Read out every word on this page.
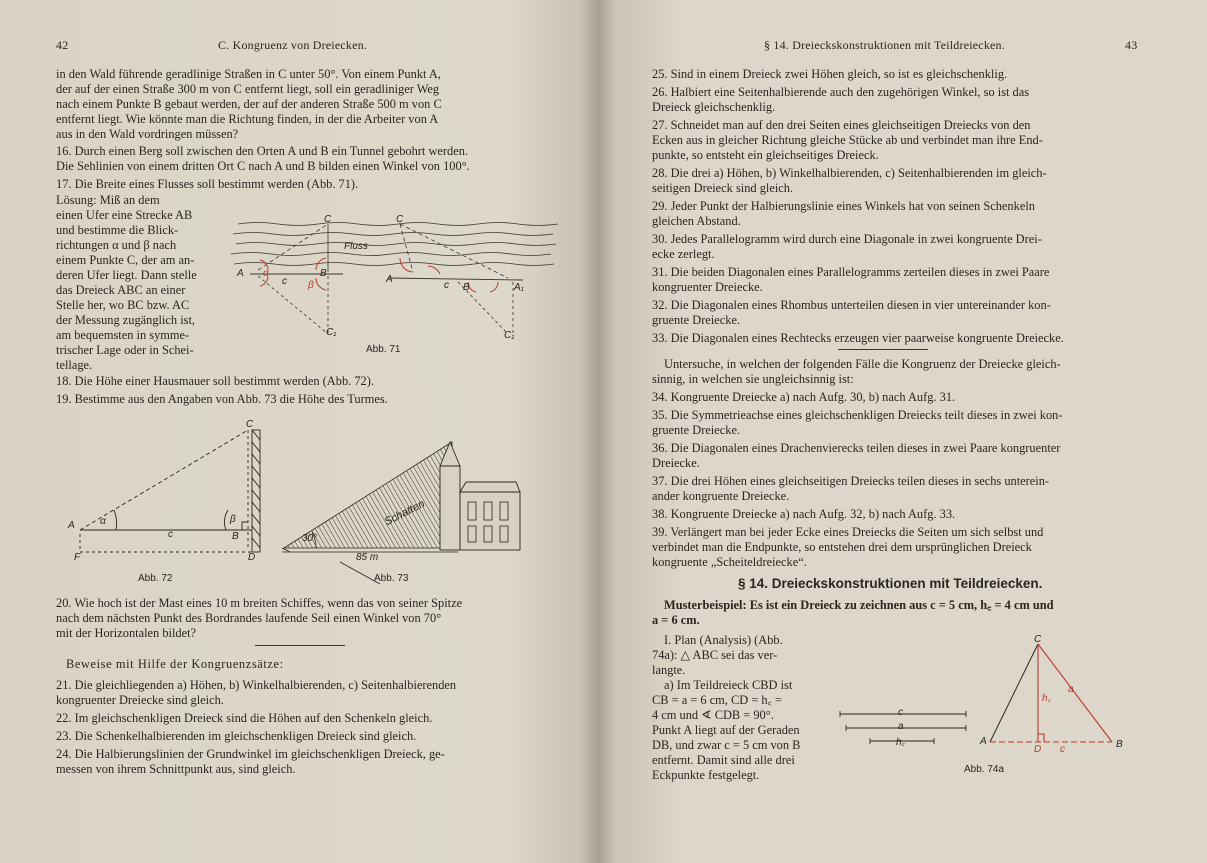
42	C. Kongruenz von Dreiecken.
in den Wald führende geradlinige Straßen in C unter 50°. Von einem Punkt A,
der auf der einen Straße 300 m von C entfernt liegt, soll ein geradliniger Weg
nach einem Punkte B gebaut werden, der auf der anderen Straße 500 m von C
entfernt liegt. Wie könnte man die Richtung finden, in der die Arbeiter von A
aus in den Wald vordringen müssen?
16. Durch einen Berg soll zwischen den Orten A und B ein Tunnel gebohrt werden.
Die Sehlinien von einem dritten Ort C nach A und B bilden einen Winkel von 100°.
17. Die Breite eines Flusses soll bestimmt werden (Abb. 71).
Lösung: Miß an dem
einen Ufer eine Strecke AB
und bestimme die Blick-
richtungen α und β nach
einem Punkte C, der am an-
deren Ufer liegt. Dann stelle
das Dreieck ABC an einer
Stelle her, wo BC bzw. AC
der Messung zugänglich ist,
am bequemsten in symme-
trischer Lage oder in Schei-
tellage.
C	C
Fluss
A	B
c
α
β
A
c B	A₁
C₁	C₁
Abb. 71
18. Die Höhe einer Hausmauer soll bestimmt werden (Abb. 72).
19. Bestimme aus den Angaben von Abb. 73 die Höhe des Turmes.
C
A
B
D
F
c
α	β
Abb. 72
Schatten
30°
85 m
Abb. 73
20. Wie hoch ist der Mast eines 10 m breiten Schiffes, wenn das von seiner Spitze
nach dem nächsten Punkt des Bordrandes laufende Seil einen Winkel von 70°
mit der Horizontalen bildet?
Beweise mit Hilfe der Kongruenzsätze:
21. Die gleichliegenden a) Höhen, b) Winkelhalbierenden, c) Seitenhalbierenden
kongruenter Dreiecke sind gleich.
22. Im gleichschenkligen Dreieck sind die Höhen auf den Schenkeln gleich.
23. Die Schenkelhalbierenden im gleichschenkligen Dreieck sind gleich.
24. Die Halbierungslinien der Grundwinkel im gleichschenkligen Dreieck, ge-
messen von ihrem Schnittpunkt aus, sind gleich.
§ 14. Dreieckskonstruktionen mit Teildreiecken.	43
25. Sind in einem Dreieck zwei Höhen gleich, so ist es gleichschenklig.
26. Halbiert eine Seitenhalbierende auch den zugehörigen Winkel, so ist das
Dreieck gleichschenklig.
27. Schneidet man auf den drei Seiten eines gleichseitigen Dreiecks von den
Ecken aus in gleicher Richtung gleiche Stücke ab und verbindet man ihre End-
punkte, so entsteht ein gleichseitiges Dreieck.
28. Die drei a) Höhen, b) Winkelhalbierenden, c) Seitenhalbierenden im gleich-
seitigen Dreieck sind gleich.
29. Jeder Punkt der Halbierungslinie eines Winkels hat von seinen Schenkeln
gleichen Abstand.
30. Jedes Parallelogramm wird durch eine Diagonale in zwei kongruente Drei-
ecke zerlegt.
31. Die beiden Diagonalen eines Parallelogramms zerteilen dieses in zwei Paare
kongruenter Dreiecke.
32. Die Diagonalen eines Rhombus unterteilen diesen in vier untereinander kon-
gruente Dreiecke.
33. Die Diagonalen eines Rechtecks erzeugen vier paarweise kongruente Dreiecke.
Untersuche, in welchen der folgenden Fälle die Kongruenz der Dreiecke gleich-
sinnig, in welchen sie ungleichsinnig ist:
34. Kongruente Dreiecke a) nach Aufg. 30, b) nach Aufg. 31.
35. Die Symmetrieachse eines gleichschenkligen Dreiecks teilt dieses in zwei kon-
gruente Dreiecke.
36. Die Diagonalen eines Drachenvierecks teilen dieses in zwei Paare kongruenter
Dreiecke.
37. Die drei Höhen eines gleichseitigen Dreiecks teilen dieses in sechs unterein-
ander kongruente Dreiecke.
38. Kongruente Dreiecke a) nach Aufg. 32, b) nach Aufg. 33.
39. Verlängert man bei jeder Ecke eines Dreiecks die Seiten um sich selbst und
verbindet man die Endpunkte, so entstehen drei dem ursprünglichen Dreieck
kongruente „Scheiteldreiecke“.
§ 14. Dreieckskonstruktionen mit Teildreiecken.
Musterbeispiel: Es ist ein Dreieck zu zeichnen aus c = 5 cm, h꜀ = 4 cm und
a = 6 cm.
I. Plan (Analysis) (Abb.
74a): △ ABC sei das ver-
langte.
a) Im Teildreieck CBD ist
CB = a = 6 cm, CD = h꜀ =
4 cm und ∢ CDB = 90°.
Punkt A liegt auf der Geraden
DB, und zwar c = 5 cm von B
entfernt. Damit sind alle drei
Eckpunkte festgelegt.
c
a
h꜀
C
A	B
D c
a
h꜀
Abb. 74a
